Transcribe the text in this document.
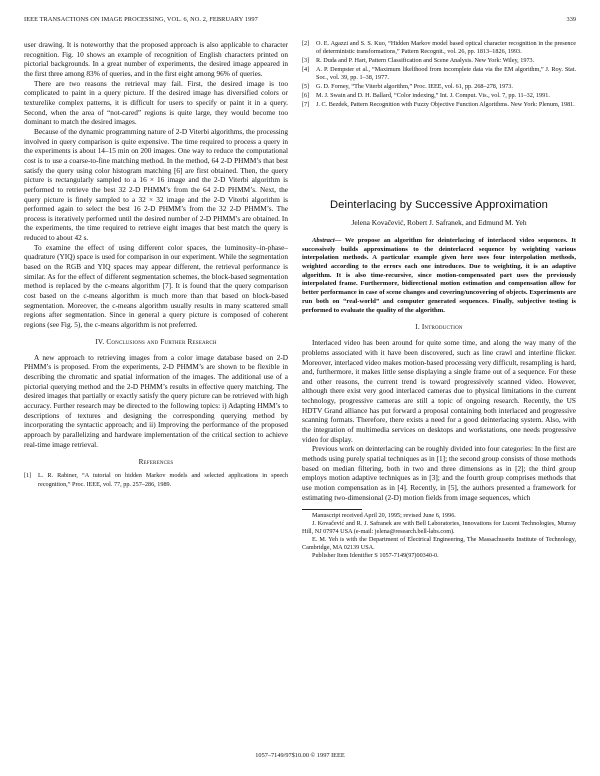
IEEE TRANSACTIONS ON IMAGE PROCESSING, VOL. 6, NO. 2, FEBRUARY 1997	339

user drawing. It is noteworthy that the proposed approach is also applicable to character recognition. Fig. 10 shows an example of recognition of English characters printed on pictorial backgrounds. In a great number of experiments, the desired image appeared in the first three among 83% of queries, and in the first eight among 96% of queries.

There are two reasons the retrieval may fail. First, the desired image is too complicated to paint in a query picture. If the desired image has diversified colors or texturelike complex patterns, it is difficult for users to specify or paint it in a query. Second, when the area of “not-cared” regions is quite large, they would become too dominant to match the desired images.

Because of the dynamic programming nature of 2-D Viterbi algorithms, the processing involved in query comparison is quite expensive. The time required to process a query in the experiments is about 14–15 min on 200 images. One way to reduce the computational cost is to use a coarse-to-fine matching method. In the method, 64 2-D PHMM’s that best satisfy the query using color histogram matching [6] are first obtained. Then, the query picture is rectangularly sampled to a 16 × 16 image and the 2-D Viterbi algorithm is performed to retrieve the best 32 2-D PHMM’s from the 64 2-D PHMM’s. Next, the query picture is finely sampled to a 32 × 32 image and the 2-D Viterbi algorithm is performed again to select the best 16 2-D PHMM’s from the 32 2-D PHMM’s. The process is iteratively performed until the desired number of 2-D PHMM’s are obtained. In the experiments, the time required to retrieve eight images that best match the query is reduced to about 42 s.

To examine the effect of using different color spaces, the luminosity–in-phase–quadrature (YIQ) space is used for comparison in our experiment. While the segmentation based on the RGB and YIQ spaces may appear different, the retrieval performance is similar. As for the effect of different segmentation schemes, the block-based segmentation method is replaced by the c-means algorithm [7]. It is found that the query comparison cost based on the c-means algorithm is much more than that based on block-based segmentation. Moreover, the c-means algorithm usually results in many scattered small regions after segmentation. Since in general a query picture is composed of coherent regions (see Fig. 5), the c-means algorithm is not preferred.

IV. Conclusions and Further Research

A new approach to retrieving images from a color image database based on 2-D PHMM’s is proposed. From the experiments, 2-D PHMM’s are shown to be flexible in describing the chromatic and spatial information of the images. The additional use of a pictorial querying method and the 2-D PHMM’s results in effective query matching. The desired images that partially or exactly satisfy the query picture can be retrieved with high accuracy. Further research may be directed to the following topics: i) Adapting HMM’s to descriptions of textures and designing the corresponding querying method by incorporating the syntactic approach; and ii) Improving the performance of the proposed approach by parallelizing and hardware implementation of the critical section to achieve real-time image retrieval.

References
[1] L. R. Rabiner, “A tutorial on hidden Markov models and selected applications in speech recognition,” Proc. IEEE, vol. 77, pp. 257–286, 1989.
[2] O. E. Agazzi and S. S. Kuo, “Hidden Markov model based optical character recognition in the presence of deterministic transformations,” Pattern Recognit., vol. 26, pp. 1813–1826, 1993.
[3] R. Duda and P. Hart, Pattern Classification and Scene Analysis. New York: Wiley, 1973.
[4] A. P. Dempster et al., “Maximum likelihood from incomplete data via the EM algorithm,” J. Roy. Stat. Soc., vol. 39, pp. 1–38, 1977.
[5] G. D. Forney, “The Viterbi algorithm,” Proc. IEEE, vol. 61, pp. 268–278, 1973.
[6] M. J. Swain and D. H. Ballard, “Color indexing,” Int. J. Comput. Vis., vol. 7, pp. 11–32, 1991.
[7] J. C. Bezdek, Pattern Recognition with Fuzzy Objective Function Algorithms. New York: Plenum, 1981.
Deinterlacing by Successive Approximation
Jelena Kovačević, Robert J. Safranek, and Edmund M. Yeh

Abstract— We propose an algorithm for deinterlacing of interlaced video sequences. It successively builds approximations to the deinterlaced sequence by weighting various interpolation methods. A particular example given here uses four interpolation methods, weighted according to the errors each one introduces. Due to weighting, it is an adaptive algorithm. It is also time-recursive, since motion-compensated part uses the previously interpolated frame. Furthermore, bidirectional motion estimation and compensation allow for better performance in case of scene changes and covering/uncovering of objects. Experiments are run both on “real-world” and computer generated sequences. Finally, subjective testing is performed to evaluate the quality of the algorithm.

I. Introduction

Interlaced video has been around for quite some time, and along the way many of the problems associated with it have been discovered, such as line crawl and interline flicker. Moreover, interlaced video makes motion-based processing very difficult, resampling is hard, and, furthermore, it makes little sense displaying a single frame out of a sequence. For these and other reasons, the current trend is toward progressively scanned video. However, although there exist very good interlaced cameras due to physical limitations in the current technology, progressive cameras are still a topic of ongoing research. Recently, the US HDTV Grand alliance has put forward a proposal containing both interlaced and progressive scanning formats. Therefore, there exists a need for a good deinterlacing system. Also, with the integration of multimedia services on desktops and workstations, one needs progressive video for display.

Previous work on deinterlacing can be roughly divided into four categories: In the first are methods using purely spatial techniques as in [1]; the second group consists of those methods based on median filtering, both in two and three dimensions as in [2]; the third group employs motion adaptive techniques as in [3]; and the fourth group comprises methods that use motion compensation as in [4]. Recently, in [5], the authors presented a framework for estimating two-dimensional (2-D) motion fields from image sequences, which

Manuscript received April 20, 1995; revised June 6, 1996.

J. Kovačević and R. J. Safranek are with Bell Laboratories, Innovations for Lucent Technologies, Murray Hill, NJ 07974 USA (e-mail: jelena@research.bell-labs.com).

E. M. Yeh is with the Department of Electrical Engineering, The Massachusetts Institute of Technology, Cambridge, MA 02139 USA.

Publisher Item Identifier S 1057-7149(97)00340-0.

1057–7149/97$10.00 © 1997 IEEE
